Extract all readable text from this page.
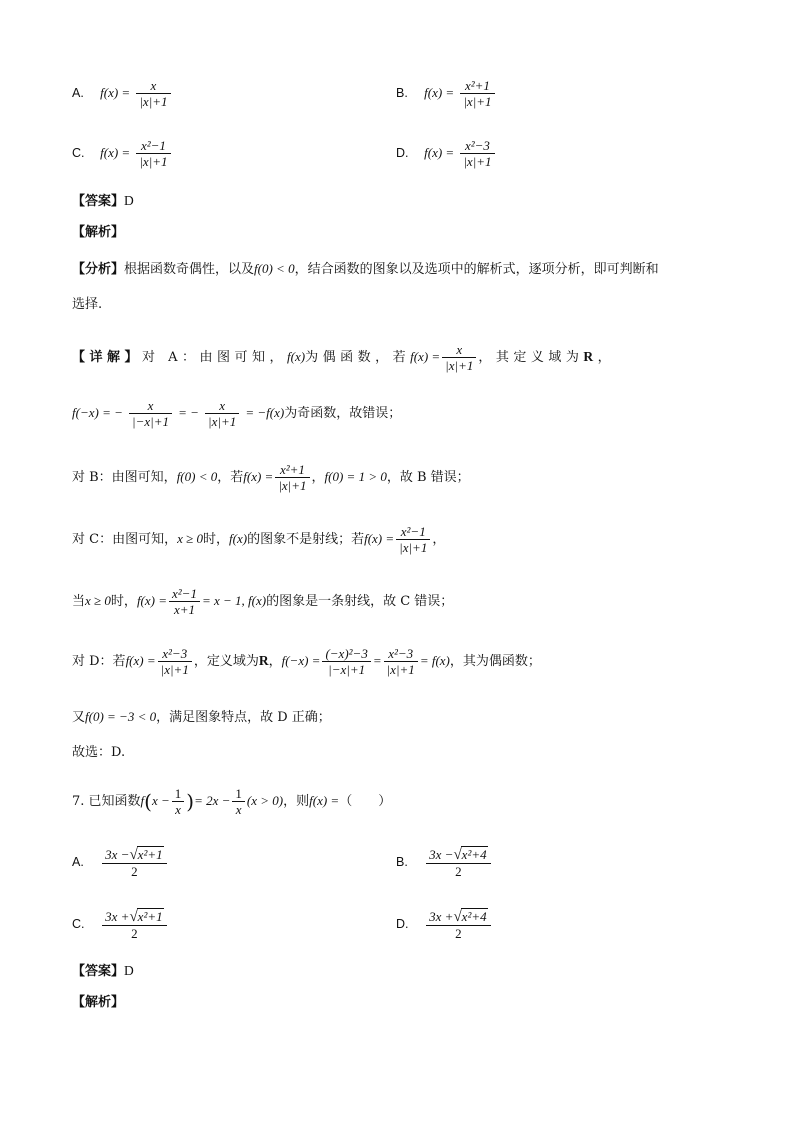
A. $f(x) = \frac{x}{|x|+1}$	B. $f(x) = \frac{\text{x²+1}}{|x|+1}$
C. $f(x) = \frac{\text{x²−1}}{|x|+1}$	D. $f(x) = \frac{\text{x²−3}}{|x|+1}$
【答案】D
【解析】
【分析】根据函数奇偶性，以及f(0) < 0，结合函数的图象以及选项中的解析式，逐项分析，即可判断和
选择.
【详解】对 A：由图可知，f(x)为偶函数，若$f(x) = \frac{x}{|x|+1}$ ，其定义域为R，
f(−x) = − $\frac{x}{|-x|+1}$ = − $\frac{x}{|x|+1} = -f(x)$为奇函数，故错误；
对 B：由图可知，f(0) < 0，若$f(x) = \frac{\text{x²+1}}{|x|+1}$ ，f(0) = 1 > 0，故 B 错误；
对 C：由图可知，x ≥ 0时，f(x)的图象不是射线；若$f(x) = \frac{\text{x²−1}}{|x|+1}$ ，
当x ≥ 0时，$f(x) = \frac{\text{x²−1}}{x+1} = x - 1$, f(x)的图象是一条射线，故 C 错误；
对 D：若$f(x) = \frac{\text{x²−3}}{|x|+1}$ ，定义域为R，$f(-x) = \frac{\text{(−x)²−3}}{|-x|+1} = \frac{\text{x²−3}}{|x|+1} = f(x)$，其为偶函数；
又f(0) = −3 < 0，满足图象特点，故 D 正确；
故选：D.
7. 已知函数$f(x - \frac{1}{x}$ )= $2x - \frac{1}{x} (x > 0)$，则f(x) =（　　）
A. $\frac{\text{3x −√x²+1}}{2}$	B. $\frac{\text{3x −√x²+4}}{2}$
C. $\frac{\text{3x +√x²+1}}{2}$	D. $\frac{\text{3x +√x²+4}}{2}$
【答案】D
【解析】
